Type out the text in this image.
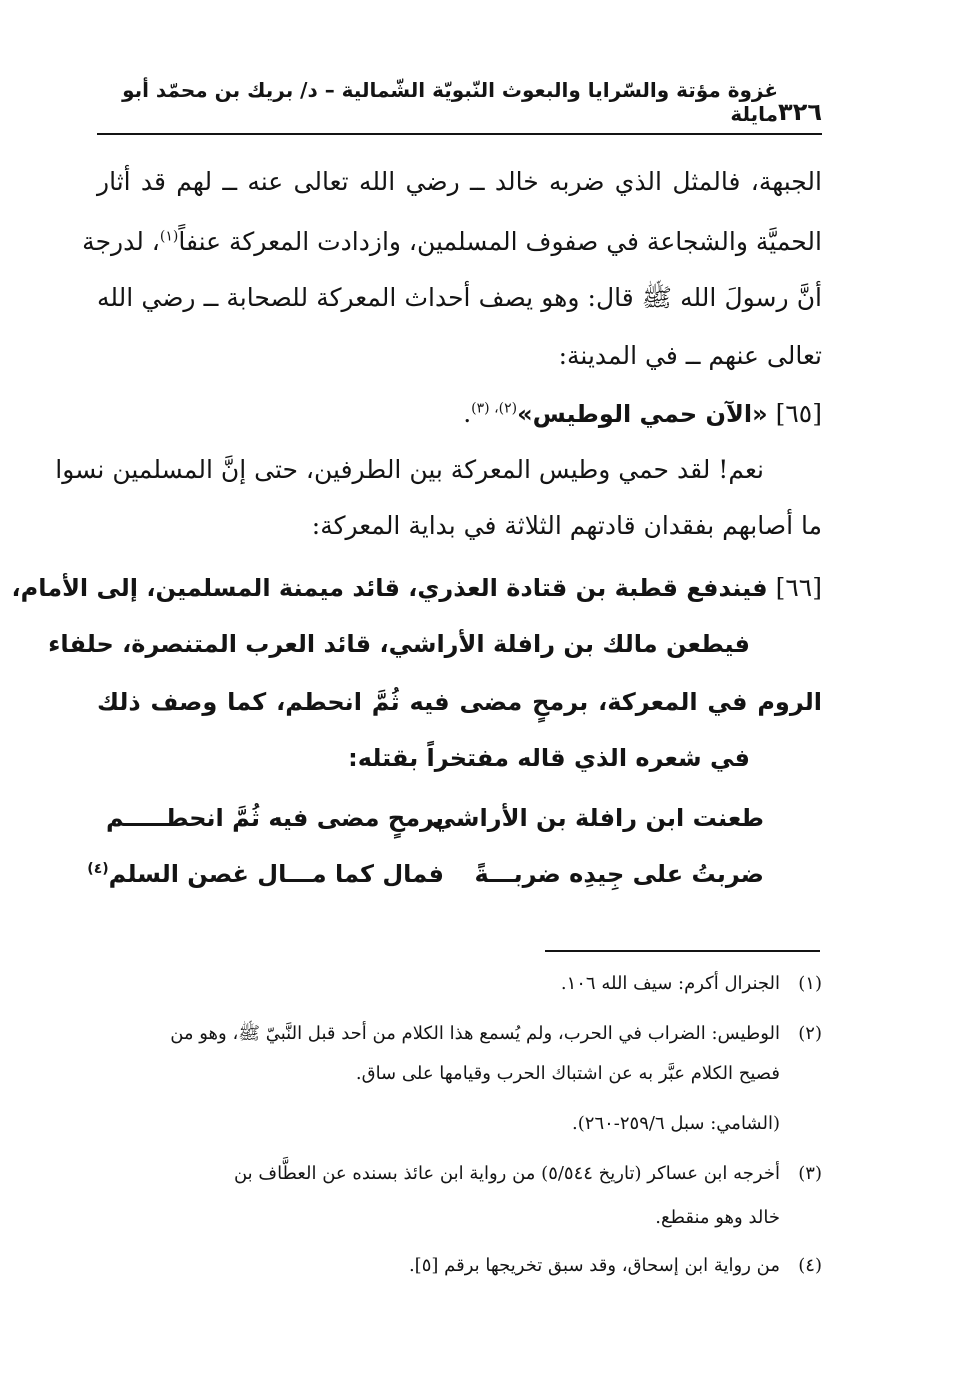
٣٢٦
غزوة مؤتة والسّرايا والبعوث النّبويّة الشّمالية – د/ بريك بن محمّد أبو مايلة
الجبهة، فالمثل الذي ضربه خالد ــ رضي الله تعالى عنه ــ لهم قد أثار
الحميَّة والشجاعة في صفوف المسلمين، وازدادت المعركة عنفاً$^{(١)}$، لدرجة
أنَّ رسولَ الله ﷺ قال: وهو يصف أحداث المعركة للصحابة ــ رضي الله
تعالى عنهم ــ في المدينة:
[٦٥] «الآن حمي الوطيس»$^{(٢)، (٣)}$.
نعم! لقد حمي وطيس المعركة بين الطرفين، حتى إنَّ المسلمين نسوا
ما أصابهم بفقدان قادتهم الثلاثة في بداية المعركة:
[٦٦] فيندفع قطبة بن قتادة العذري، قائد ميمنة المسلمين، إلى الأمام،
فيطعن مالك بن رافلة الأراشي، قائد العرب المتنصرة، حلفاء
الروم في المعركة، برمحٍ مضى فيه ثُمَّ انحطم، كما وصف ذلك
في شعره الذي قاله مفتخراً بقتله:
طعنت ابن رافلة بن الأراشي
برمحٍ مضى فيه ثُمَّ انحطـــــم
ضربتُ على جِيدِه ضربـــةً
فمال كما مـــال غصن السلم$^{(٤)}$
(١)الجنرال أكرم: سيف الله ١٠٦.
(٢)الوطيس: الضراب في الحرب، ولم يُسمع هذا الكلام من أحد قبل النَّبيّ ﷺ، وهو من
فصيح الكلام عبَّر به عن اشتباك الحرب وقيامها على ساق.
(الشامي: سبل ٢٥٩/٦-٢٦٠).
(٣)أخرجه ابن عساكر (تاريخ ٥/٥٤٤) من رواية ابن عائذ بسنده عن العطَّاف بن
خالد وهو منقطع.
(٤)من رواية ابن إسحاق، وقد سبق تخريجها برقم [٥].
